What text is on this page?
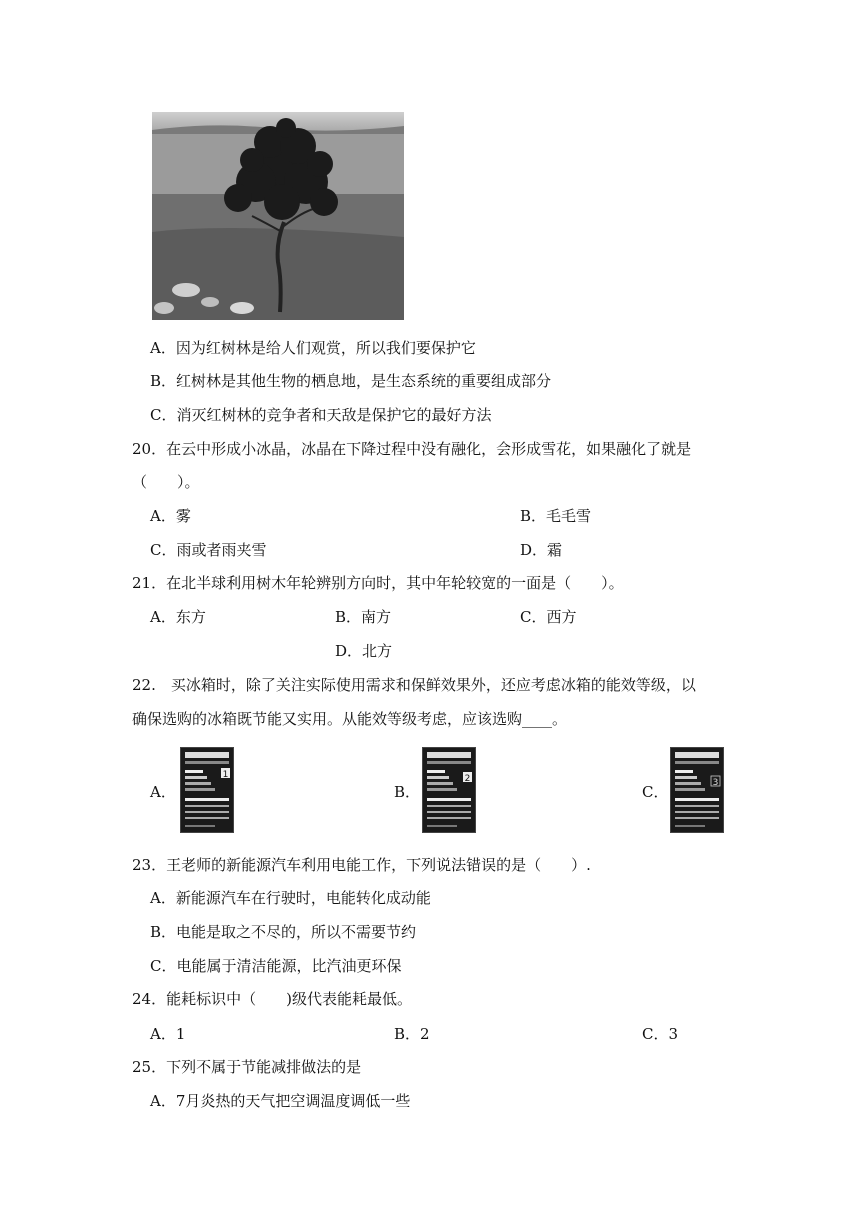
A．因为红树林是给人们观赏，所以我们要保护它
B．红树林是其他生物的栖息地，是生态系统的重要组成部分
C．消灭红树林的竞争者和天敌是保护它的最好方法
20．在云中形成小冰晶，冰晶在下降过程中没有融化，会形成雪花，如果融化了就是
（　　）。
A．雾	B．毛毛雪
C．雨或者雨夹雪	D．霜
21．在北半球利用树木年轮辨别方向时，其中年轮较宽的一面是（　　）。
A．东方	B．南方	C．西方
D．北方
22.　买冰箱时，除了关注实际使用需求和保鲜效果外，还应考虑冰箱的能效等级，以
确保选购的冰箱既节能又实用。从能效等级考虑，应该选购____。
A．
1
B．
2
C．	3
23．王老师的新能源汽车利用电能工作，下列说法错误的是（　　）.
A．新能源汽车在行驶时，电能转化成动能
B．电能是取之不尽的，所以不需要节约
C．电能属于清洁能源，比汽油更环保
24．能耗标识中（　　)级代表能耗最低。
A．1	B．2	C．3
25．下列不属于节能减排做法的是
A．7月炎热的天气把空调温度调低一些
